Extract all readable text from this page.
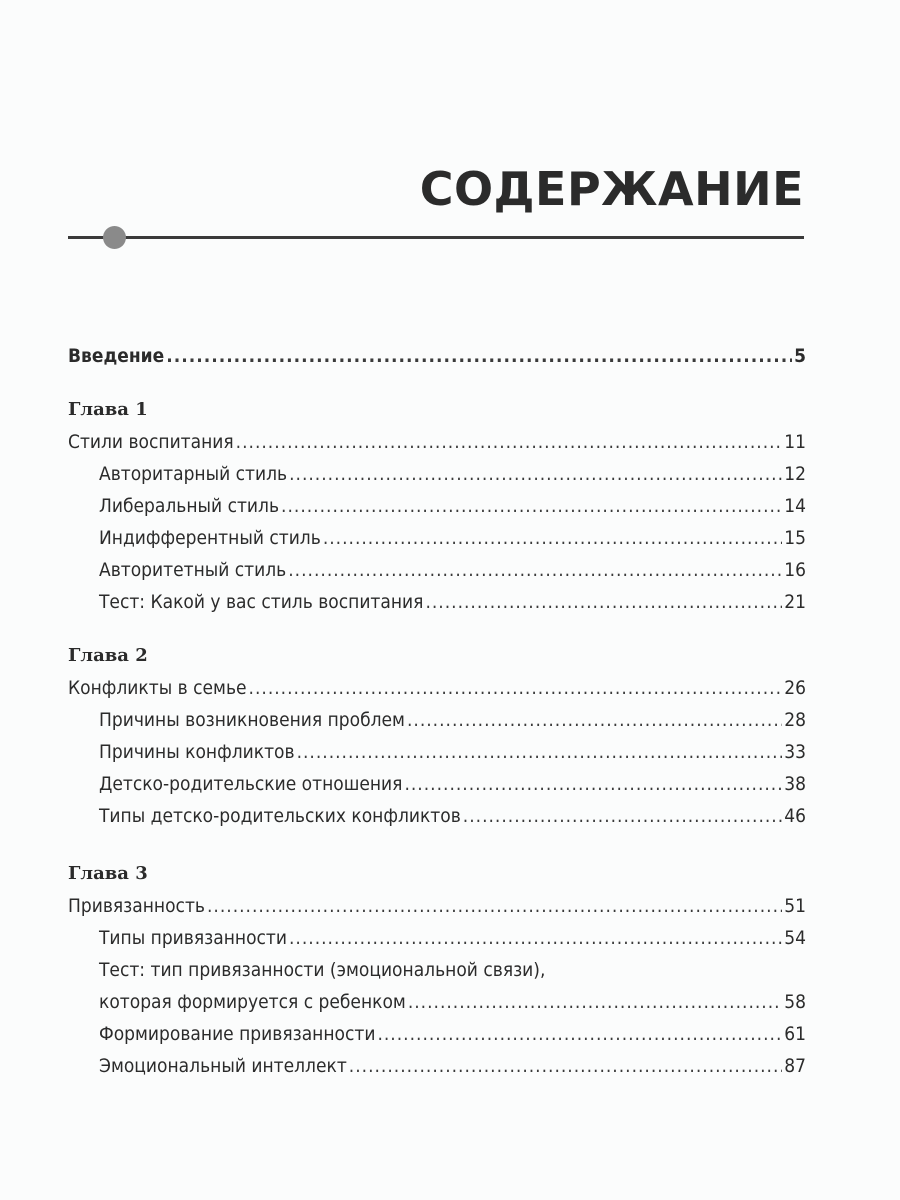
СОДЕРЖАНИЕ
Введение .....	5
Глава 1
Стили воспитания .....	11
Авторитарный стиль .....	12
Либеральный стиль .....	14
Индифферентный стиль .....	15
Авторитетный стиль .....	16
Тест: Какой у вас стиль воспитания .....	21
Глава 2
Конфликты в семье .....	26
Причины возникновения проблем .....	28
Причины конфликтов .....	33
Детско-родительские отношения .....	38
Типы детско-родительских конфликтов .....	46
Глава 3
Привязанность .....	51
Типы привязанности .....	54
Тест: тип привязанности (эмоциональной связи),
которая формируется с ребенком .....	58
Формирование привязанности .....	61
Эмоциональный интеллект .....	87
